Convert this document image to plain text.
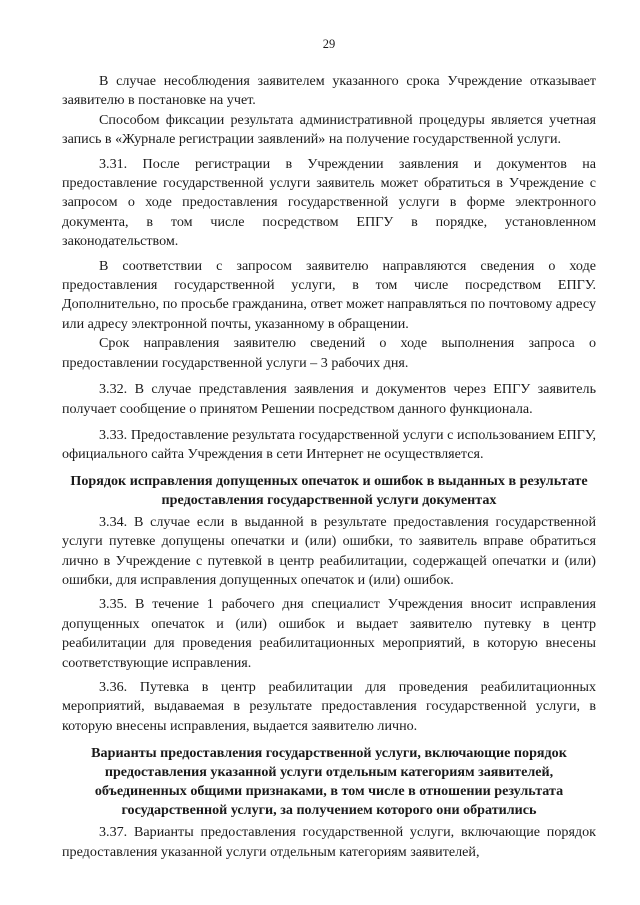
29

В случае несоблюдения заявителем указанного срока Учреждение отказывает заявителю в постановке на учет.

Способом фиксации результата административной процедуры является учетная запись в «Журнале регистрации заявлений» на получение государственной услуги.

3.31. После регистрации в Учреждении заявления и документов на предоставление государственной услуги заявитель может обратиться в Учреждение с запросом о ходе предоставления государственной услуги в форме электронного документа, в том числе посредством ЕПГУ в порядке, установленном законодательством.

В соответствии с запросом заявителю направляются сведения о ходе предоставления государственной услуги, в том числе посредством ЕПГУ. Дополнительно, по просьбе гражданина, ответ может направляться по почтовому адресу или адресу электронной почты, указанному в обращении.

Срок направления заявителю сведений о ходе выполнения запроса о предоставлении государственной услуги – 3 рабочих дня.

3.32. В случае представления заявления и документов через ЕПГУ заявитель получает сообщение о принятом Решении посредством данного функционала.

3.33. Предоставление результата государственной услуги с использованием ЕПГУ, официального сайта Учреждения в сети Интернет не осуществляется.

Порядок исправления допущенных опечаток и ошибок в выданных в результате предоставления государственной услуги документах

3.34. В случае если в выданной в результате предоставления государственной услуги путевке допущены опечатки и (или) ошибки, то заявитель вправе обратиться лично в Учреждение с путевкой в центр реабилитации, содержащей опечатки и (или) ошибки, для исправления допущенных опечаток и (или) ошибок.

3.35. В течение 1 рабочего дня специалист Учреждения вносит исправления допущенных опечаток и (или) ошибок и выдает заявителю путевку в центр реабилитации для проведения реабилитационных мероприятий, в которую внесены соответствующие исправления.

3.36. Путевка в центр реабилитации для проведения реабилитационных мероприятий, выдаваемая в результате предоставления государственной услуги, в которую внесены исправления, выдается заявителю лично.

Варианты предоставления государственной услуги, включающие порядок предоставления указанной услуги отдельным категориям заявителей, объединенных общими признаками, в том числе в отношении результата государственной услуги, за получением которого они обратились

3.37. Варианты предоставления государственной услуги, включающие порядок предоставления указанной услуги отдельным категориям заявителей,
